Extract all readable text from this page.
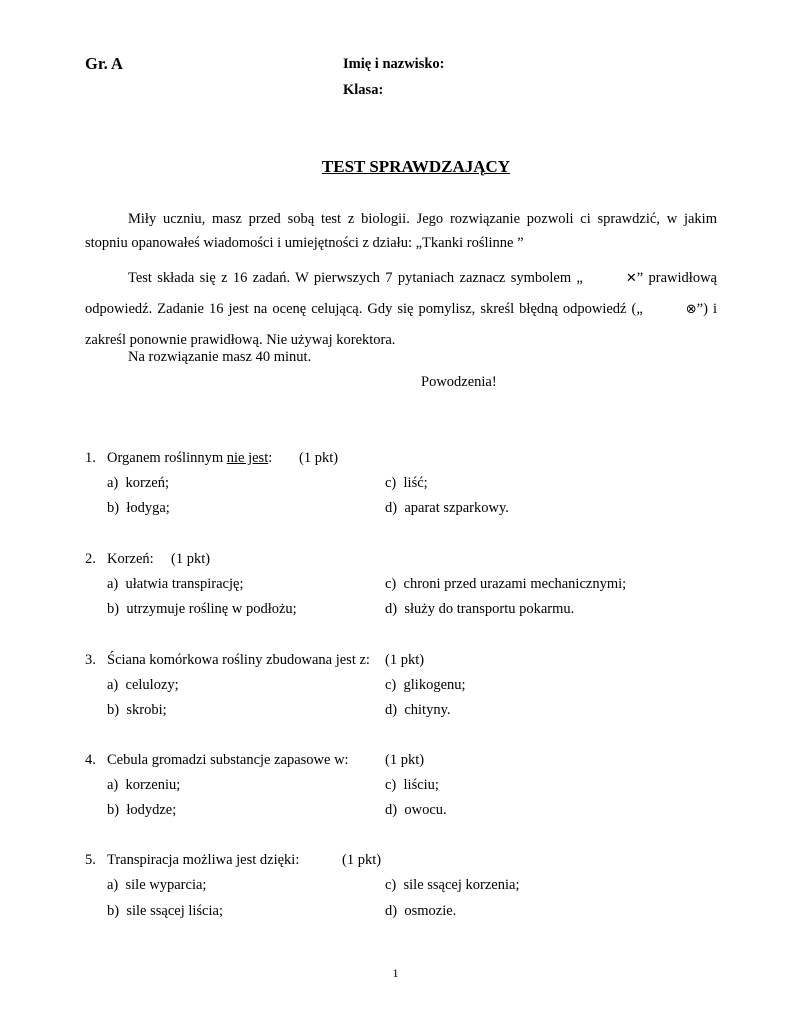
Gr. A	Imię i nazwisko:
Klasa:
TEST SPRAWDZAJĄCY
Miły uczniu, masz przed sobą test z biologii. Jego rozwiązanie pozwoli ci sprawdzić, w jakim stopniu opanowałeś wiadomości i umiejętności z działu: „Tkanki roślinne ”
Test składa się z 16 zadań. W pierwszych 7 pytaniach zaznacz symbolem „	✕” prawidłową odpowiedź. Zadanie 16 jest na ocenę celującą. Gdy się pomylisz, skreśl błędną odpowiedź („	⊗”) i zakreśl ponownie prawidłową. Nie używaj korektora.
Na rozwiązanie masz 40 minut.
Powodzenia!
1. Organem roślinnym nie jest: (1 pkt)
a) korzeń;
b) łodyga;
c) liść;
d) aparat szparkowy.
2. Korzeń: (1 pkt)
a) ułatwia transpirację;
b) utrzymuje roślinę w podłożu;
c) chroni przed urazami mechanicznymi;
d) służy do transportu pokarmu.
3. Ściana komórkowa rośliny zbudowana jest z: (1 pkt)
a) celulozy;
b) skrobi;
c) glikogenu;
d) chityny.
4. Cebula gromadzi substancje zapasowe w:	(1 pkt)
a) korzeniu;
b) łodydze;
c) liściu;
d) owocu.
5. Transpiracja możliwa jest dzięki:	(1 pkt)
a) sile wyparcia;
b) sile ssącej liścia;
c) sile ssącej korzenia;
d) osmozie.
1
